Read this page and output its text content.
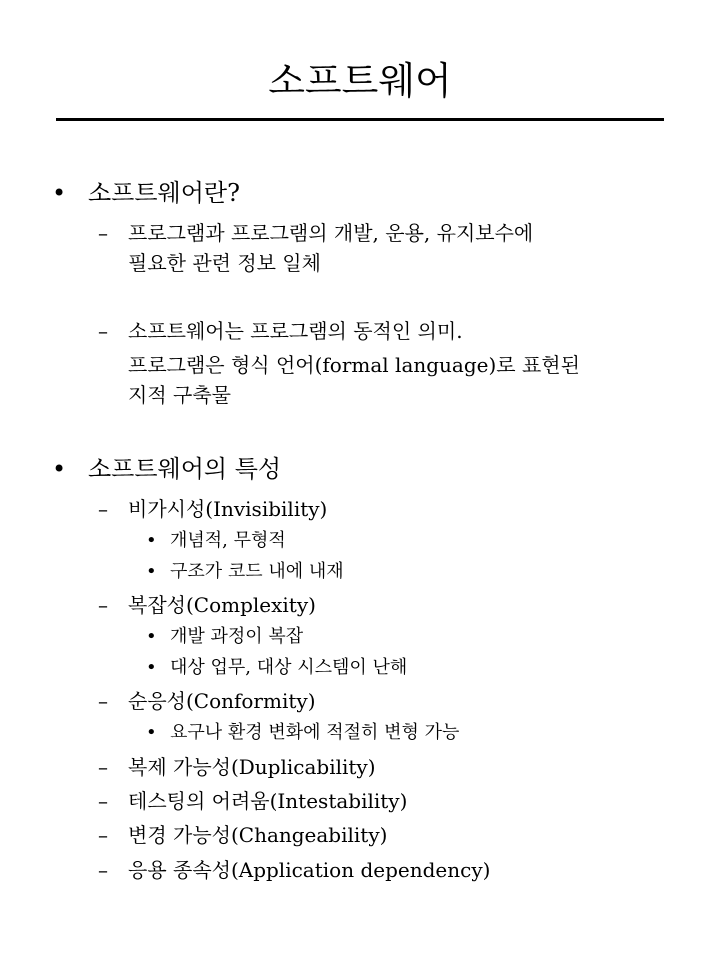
소프트웨어
• 소프트웨어란?
– 프로그램과 프로그램의 개발, 운용, 유지보수에
필요한 관련 정보 일체
– 소프트웨어는 프로그램의 동적인 의미.
프로그램은 형식 언어(formal language)로 표현된
지적 구축물
• 소프트웨어의 특성
– 비가시성(Invisibility)
• 개념적, 무형적
• 구조가 코드 내에 내재
– 복잡성(Complexity)
• 개발 과정이 복잡
• 대상 업무, 대상 시스템이 난해
– 순응성(Conformity)
• 요구나 환경 변화에 적절히 변형 가능
– 복제 가능성(Duplicability)
– 테스팅의 어려움(Intestability)
– 변경 가능성(Changeability)
– 응용 종속성(Application dependency)
